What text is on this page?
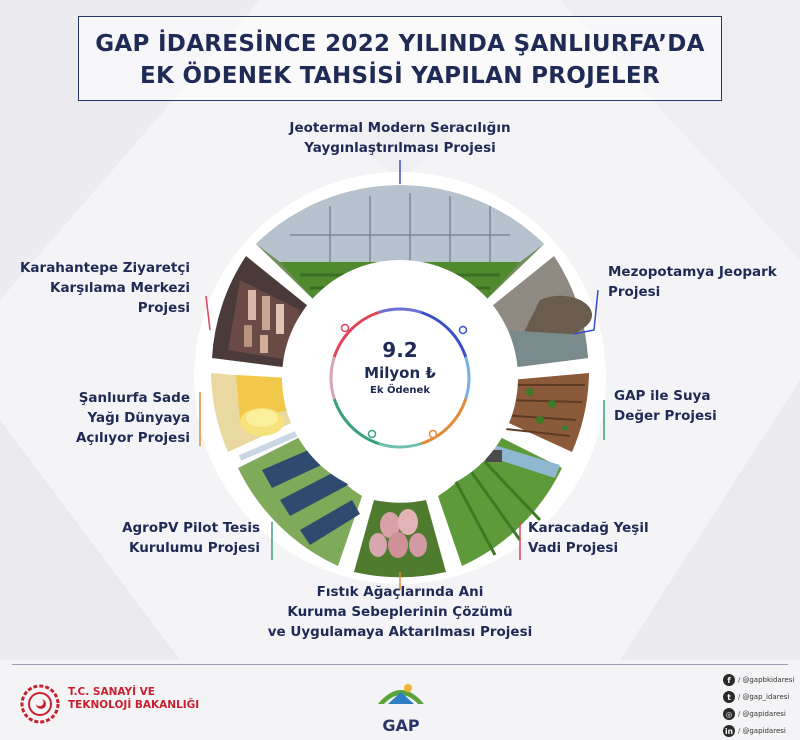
GAP İDARESİNCE 2022 YILINDA ŞANLIURFA’DA
EK ÖDENEK TAHSİSİ YAPILAN PROJELER
9.2
Milyon ₺
Ek Ödenek
Jeotermal Modern Seracılığın
Yaygınlaştırılması Projesi
Mezopotamya Jeopark
Projesi
GAP ile Suya
Değer Projesi
Karacadağ Yeşil
Vadi Projesi
Fıstık Ağaçlarında Ani
Kuruma Sebeplerinin Çözümü
ve Uygulamaya Aktarılması Projesi
AgroPV Pilot Tesis
Kurulumu Projesi
Şanlıurfa Sade
Yağı Dünyaya
Açılıyor Projesi
Karahantepe Ziyaretçi
Karşılama Merkezi
Projesi
T.C. SANAYİ VE
TEKNOLOJİ BAKANLIĞI
GAP
f	/ @gapbkidaresi
t	/ @gap_idaresi
◎ / @gapidaresi
in / @gapidaresi
